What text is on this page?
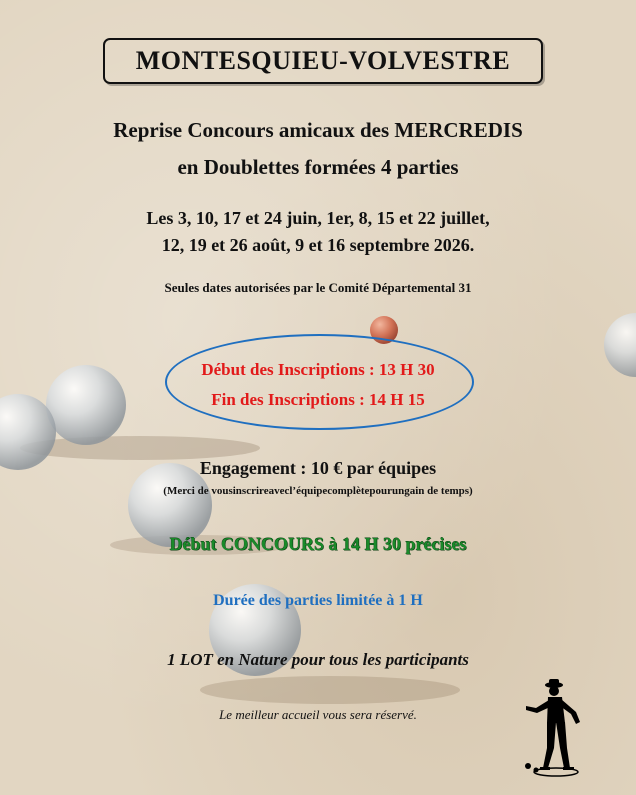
MONTESQUIEU-VOLVESTRE
Reprise Concours amicaux des MERCREDIS
en Doublettes formées 4 parties
Les 3, 10, 17 et 24 juin, 1er, 8, 15 et 22 juillet,
12, 19 et 26 août, 9 et 16 septembre 2026.
Seules dates autorisées par le Comité Départemental 31
Début des Inscriptions : 13 H 30
Fin des Inscriptions : 14 H 15
Engagement : 10 € par équipes
(Merci de vousinscrireavecl’équipecomplètepourungain de temps)
Début CONCOURS à 14 H 30 précises
Durée des parties limitée à 1 H
1 LOT en Nature pour tous les participants
Le meilleur accueil vous sera réservé.
